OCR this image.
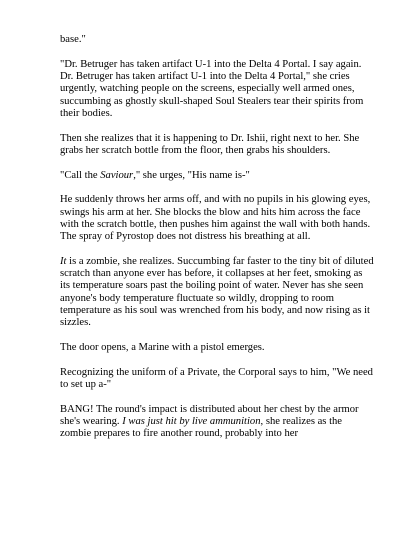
base."

"Dr. Betruger has taken artifact U-1 into the Delta 4 Portal. I say again. Dr. Betruger has taken artifact U-1 into the Delta 4 Portal," she cries urgently, watching people on the screens, especially well armed ones, succumbing as ghostly skull-shaped Soul Stealers tear their spirits from their bodies.

Then she realizes that it is happening to Dr. Ishii, right next to her. She grabs her scratch bottle from the floor, then grabs his shoulders.

"Call the Saviour," she urges, "His name is-"

He suddenly throws her arms off, and with no pupils in his glowing eyes, swings his arm at her. She blocks the blow and hits him across the face with the scratch bottle, then pushes him against the wall with both hands. The spray of Pyrostop does not distress his breathing at all.

It is a zombie, she realizes. Succumbing far faster to the tiny bit of diluted scratch than anyone ever has before, it collapses at her feet, smoking as its temperature soars past the boiling point of water. Never has she seen anyone's body temperature fluctuate so wildly, dropping to room temperature as his soul was wrenched from his body, and now rising as it sizzles.

The door opens, a Marine with a pistol emerges.

Recognizing the uniform of a Private, the Corporal says to him, "We need to set up a-"

BANG! The round's impact is distributed about her chest by the armor she's wearing. I was just hit by live ammunition, she realizes as the zombie prepares to fire another round, probably into her
